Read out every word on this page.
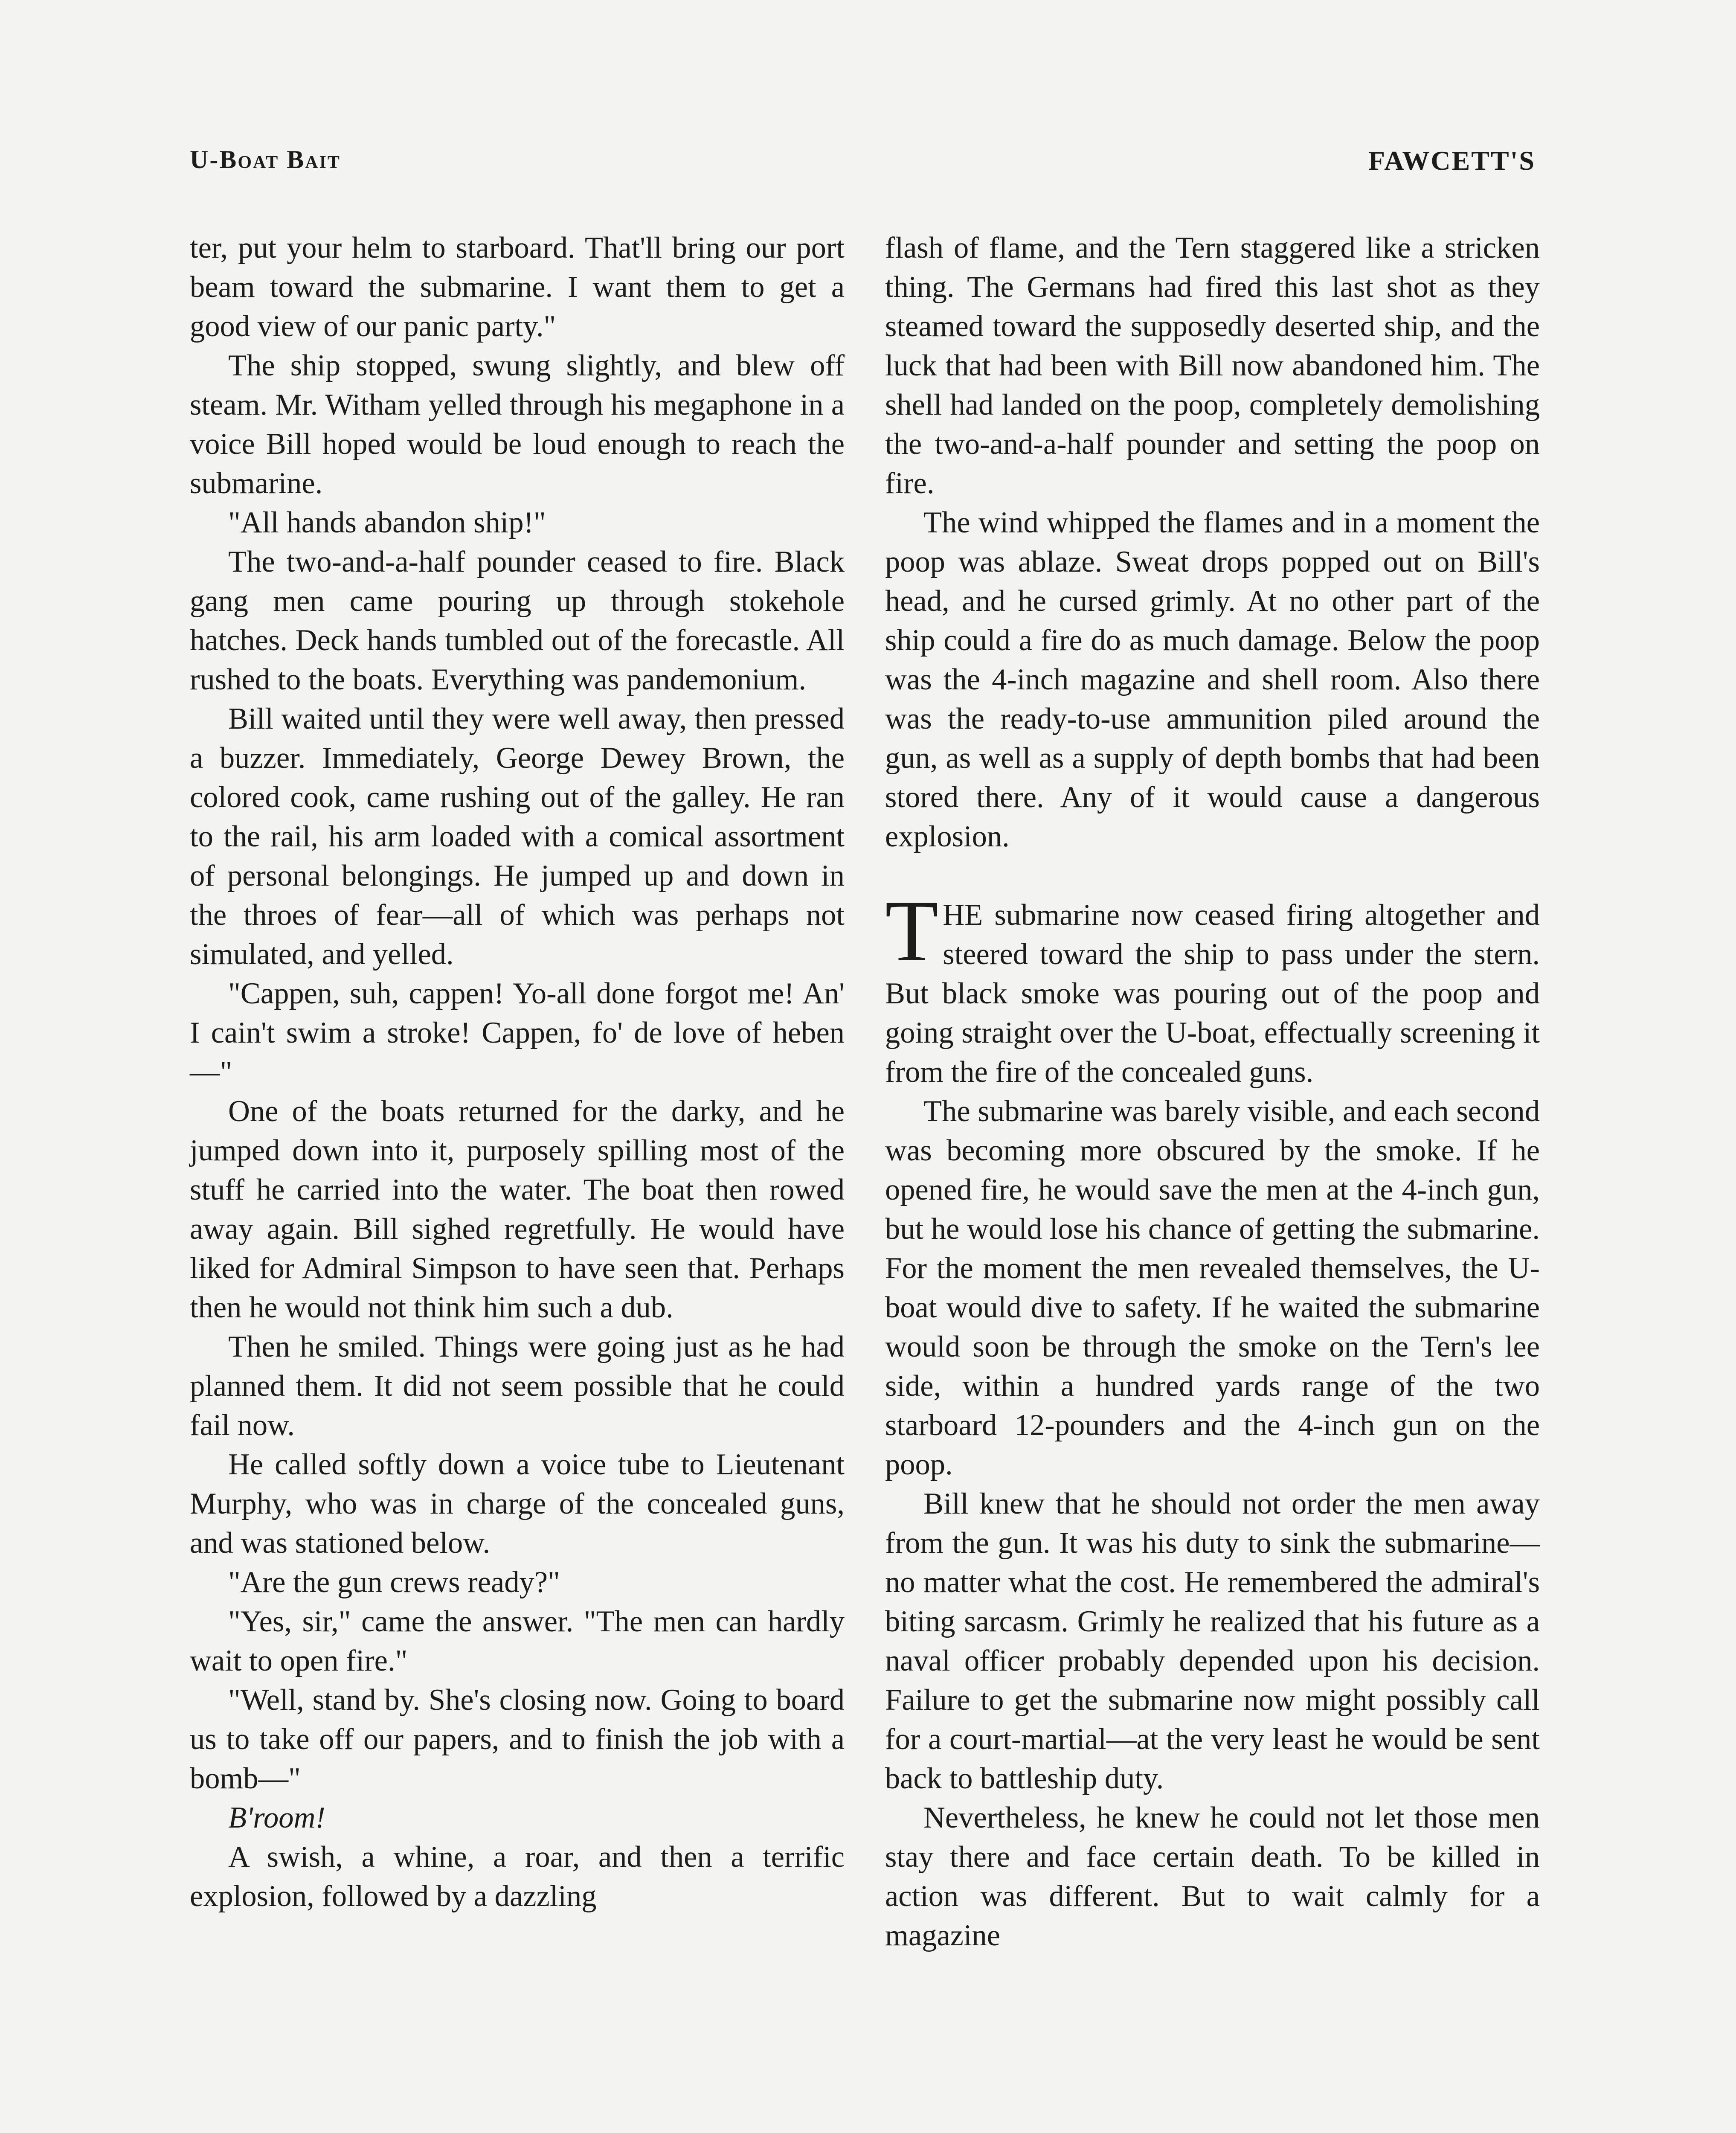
U-Boat Bait	FAWCETT'S

ter, put your helm to starboard. That'll bring our port beam toward the submarine. I want them to get a good view of our panic party."

The ship stopped, swung slightly, and blew off steam. Mr. Witham yelled through his megaphone in a voice Bill hoped would be loud enough to reach the submarine.

"All hands abandon ship!"

The two-and-a-half pounder ceased to fire. Black gang men came pouring up through stokehole hatches. Deck hands tumbled out of the forecastle. All rushed to the boats. Everything was pandemonium.

Bill waited until they were well away, then pressed a buzzer. Immediately, George Dewey Brown, the colored cook, came rushing out of the galley. He ran to the rail, his arm loaded with a comical assortment of personal belongings. He jumped up and down in the throes of fear—all of which was perhaps not simulated, and yelled.

"Cappen, suh, cappen! Yo-all done forgot me! An' I cain't swim a stroke! Cappen, fo' de love of heben—"

One of the boats returned for the darky, and he jumped down into it, purposely spilling most of the stuff he carried into the water. The boat then rowed away again. Bill sighed regretfully. He would have liked for Admiral Simpson to have seen that. Perhaps then he would not think him such a dub.

Then he smiled. Things were going just as he had planned them. It did not seem possible that he could fail now.

He called softly down a voice tube to Lieutenant Murphy, who was in charge of the concealed guns, and was stationed below.

"Are the gun crews ready?"

"Yes, sir," came the answer. "The men can hardly wait to open fire."

"Well, stand by. She's closing now. Going to board us to take off our papers, and to finish the job with a bomb—"

B'room!

A swish, a whine, a roar, and then a terrific explosion, followed by a dazzling

flash of flame, and the Tern staggered like a stricken thing. The Germans had fired this last shot as they steamed toward the supposedly deserted ship, and the luck that had been with Bill now abandoned him. The shell had landed on the poop, completely demolishing the two-and-a-half pounder and setting the poop on fire.

The wind whipped the flames and in a moment the poop was ablaze. Sweat drops popped out on Bill's head, and he cursed grimly. At no other part of the ship could a fire do as much damage. Below the poop was the 4-inch magazine and shell room. Also there was the ready-to-use ammunition piled around the gun, as well as a supply of depth bombs that had been stored there. Any of it would cause a dangerous explosion.

THE submarine now ceased firing altogether and steered toward the ship to pass under the stern. But black smoke was pouring out of the poop and going straight over the U-boat, effectually screening it from the fire of the concealed guns.

The submarine was barely visible, and each second was becoming more obscured by the smoke. If he opened fire, he would save the men at the 4-inch gun, but he would lose his chance of getting the submarine. For the moment the men revealed themselves, the U-boat would dive to safety. If he waited the submarine would soon be through the smoke on the Tern's lee side, within a hundred yards range of the two starboard 12-pounders and the 4-inch gun on the poop.

Bill knew that he should not order the men away from the gun. It was his duty to sink the submarine—no matter what the cost. He remembered the admiral's biting sarcasm. Grimly he realized that his future as a naval officer probably depended upon his decision. Failure to get the submarine now might possibly call for a court-martial—at the very least he would be sent back to battleship duty.

Nevertheless, he knew he could not let those men stay there and face certain death. To be killed in action was different. But to wait calmly for a magazine
